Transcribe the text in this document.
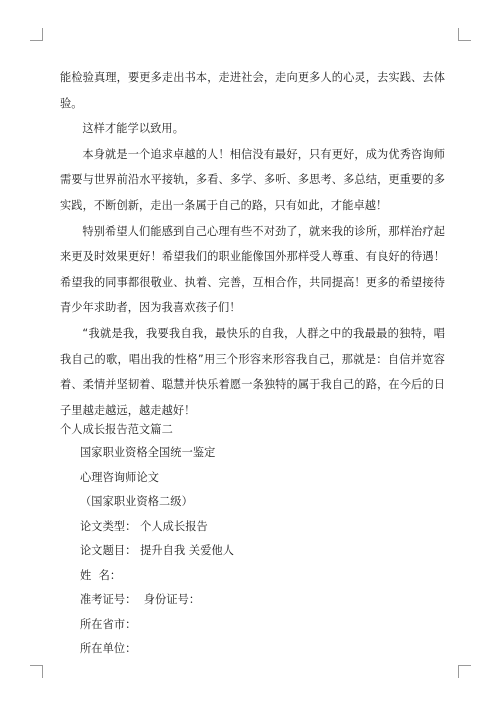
能检验真理，要更多走出书本，走进社会，走向更多人的心灵，去实践、去体验。

这样才能学以致用。

本身就是一个追求卓越的人！相信没有最好，只有更好，成为优秀咨询师需要与世界前沿水平接轨，多看、多学、多听、多思考、多总结，更重要的多实践，不断创新，走出一条属于自己的路，只有如此，才能卓越！

特别希望人们能感到自己心理有些不对劲了，就来我的诊所，那样治疗起来更及时效果更好！希望我们的职业能像国外那样受人尊重、有良好的待遇！希望我的同事都很敬业、执着、完善，互相合作，共同提高！更多的希望接待青少年求助者，因为我喜欢孩子们！

“我就是我，我要我自我，最快乐的自我，人群之中的我最最的独特，唱我自己的歌，唱出我的性格”用三个形容来形容我自己，那就是：自信并宽容着、柔情并坚韧着、聪慧并快乐着愿一条独特的属于我自己的路，在今后的日子里越走越远，越走越好！

个人成长报告范文篇二

国家职业资格全国统一鉴定

心理咨询师论文

（国家职业资格二级）

论文类型： 个人成长报告

论文题目： 提升自我 关爱他人

姓  名：

准考证号：  身份证号：

所在省市：

所在单位：
